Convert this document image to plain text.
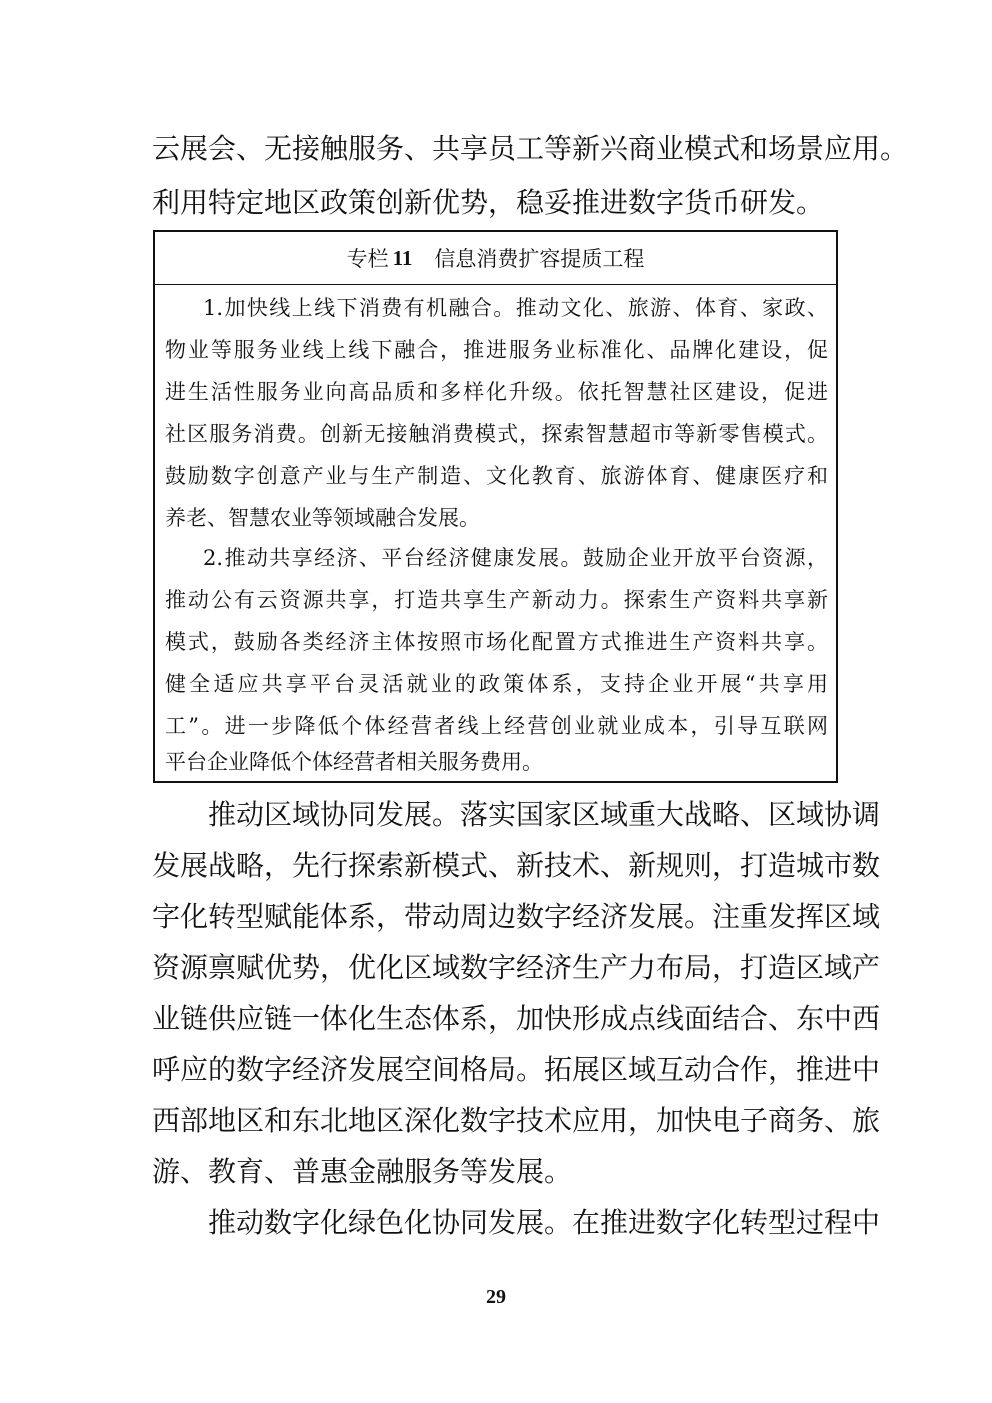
云展会、无接触服务、共享员工等新兴商业模式和场景应用。

利用特定地区政策创新优势，稳妥推进数字货币研发。

专栏 11 信息消费扩容提质工程

1.加快线上线下消费有机融合。推动文化、旅游、体育、家政、

物业等服务业线上线下融合，推进服务业标准化、品牌化建设，促

进生活性服务业向高品质和多样化升级。依托智慧社区建设，促进

社区服务消费。创新无接触消费模式，探索智慧超市等新零售模式。

鼓励数字创意产业与生产制造、文化教育、旅游体育、健康医疗和

养老、智慧农业等领域融合发展。

2.推动共享经济、平台经济健康发展。鼓励企业开放平台资源，

推动公有云资源共享，打造共享生产新动力。探索生产资料共享新

模式，鼓励各类经济主体按照市场化配置方式推进生产资料共享。

健全适应共享平台灵活就业的政策体系，支持企业开展“共享用

工”。进一步降低个体经营者线上经营创业就业成本，引导互联网

平台企业降低个体经营者相关服务费用。

推动区域协同发展。落实国家区域重大战略、区域协调

发展战略，先行探索新模式、新技术、新规则，打造城市数

字化转型赋能体系，带动周边数字经济发展。注重发挥区域

资源禀赋优势，优化区域数字经济生产力布局，打造区域产

业链供应链一体化生态体系，加快形成点线面结合、东中西

呼应的数字经济发展空间格局。拓展区域互动合作，推进中

西部地区和东北地区深化数字技术应用，加快电子商务、旅

游、教育、普惠金融服务等发展。

推动数字化绿色化协同发展。在推进数字化转型过程中

29
